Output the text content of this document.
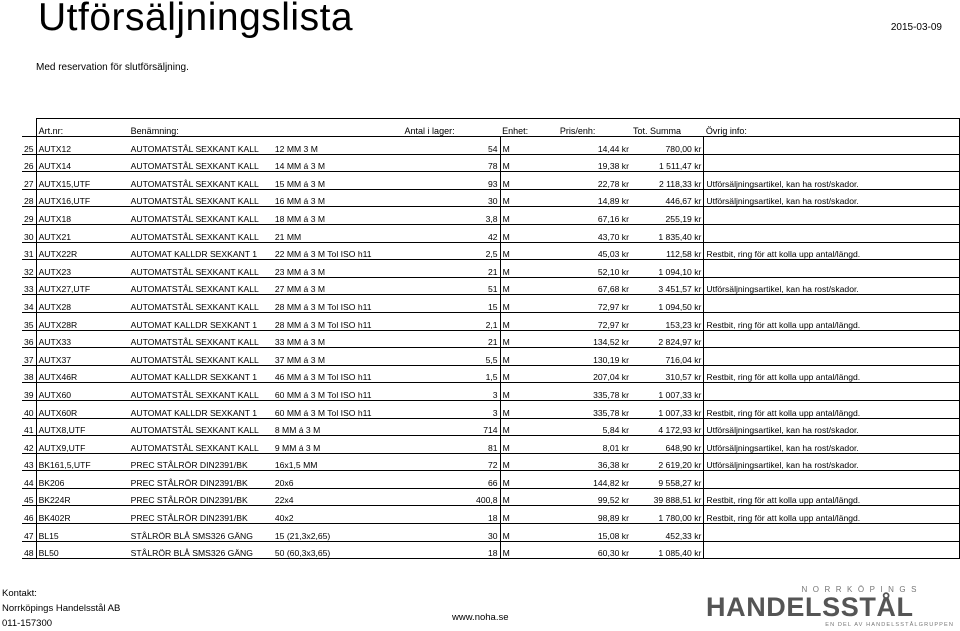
Utförsäljningslista	2015-03-09
Med reservation för slutförsäljning.
	Art.nr:	Benämning:		Antal i lager:		Enhet:	Pris/enh:	Tot. Summa	Övrig info:
25	AUTX12	AUTOMATSTÅL SEXKANT KALL	12 MM 3 M		54	M	14,44 kr	780,00 kr	
26	AUTX14	AUTOMATSTÅL SEXKANT KALL	14 MM á 3 M		78	M	19,38 kr	1 511,47 kr	
27	AUTX15,UTF	AUTOMATSTÅL SEXKANT KALL	15 MM á 3 M		93	M	22,78 kr	2 118,33 kr	Utförsäljningsartikel, kan ha rost/skador.
28	AUTX16,UTF	AUTOMATSTÅL SEXKANT KALL	16 MM á 3 M		30	M	14,89 kr	446,67 kr	Utförsäljningsartikel, kan ha rost/skador.
29	AUTX18	AUTOMATSTÅL SEXKANT KALL	18 MM á 3 M		3,8	M	67,16 kr	255,19 kr	
30	AUTX21	AUTOMATSTÅL SEXKANT KALL	21 MM		42	M	43,70 kr	1 835,40 kr	
31	AUTX22R	AUTOMAT KALLDR SEXKANT 1	22 MM á 3 M Tol ISO h11		2,5	M	45,03 kr	112,58 kr	Restbit, ring för att kolla upp antal/längd.
32	AUTX23	AUTOMATSTÅL SEXKANT KALL	23 MM á 3 M		21	M	52,10 kr	1 094,10 kr	
33	AUTX27,UTF	AUTOMATSTÅL SEXKANT KALL	27 MM á 3 M		51	M	67,68 kr	3 451,57 kr	Utförsäljningsartikel, kan ha rost/skador.
34	AUTX28	AUTOMATSTÅL SEXKANT KALL	28 MM á 3 M Tol ISO h11		15	M	72,97 kr	1 094,50 kr	
35	AUTX28R	AUTOMAT KALLDR SEXKANT 1	28 MM á 3 M Tol ISO h11		2,1	M	72,97 kr	153,23 kr	Restbit, ring för att kolla upp antal/längd.
36	AUTX33	AUTOMATSTÅL SEXKANT KALL	33 MM á 3 M		21	M	134,52 kr	2 824,97 kr	
37	AUTX37	AUTOMATSTÅL SEXKANT KALL	37 MM á 3 M		5,5	M	130,19 kr	716,04 kr	
38	AUTX46R	AUTOMAT KALLDR SEXKANT 1	46 MM á 3 M Tol ISO h11		1,5	M	207,04 kr	310,57 kr	Restbit, ring för att kolla upp antal/längd.
39	AUTX60	AUTOMATSTÅL SEXKANT KALL	60 MM á 3 M Tol ISO h11		3	M	335,78 kr	1 007,33 kr	
40	AUTX60R	AUTOMAT KALLDR SEXKANT 1	60 MM á 3 M Tol ISO h11		3	M	335,78 kr	1 007,33 kr	Restbit, ring för att kolla upp antal/längd.
41	AUTX8,UTF	AUTOMATSTÅL SEXKANT KALL	8 MM á 3 M		714	M	5,84 kr	4 172,93 kr	Utförsäljningsartikel, kan ha rost/skador.
42	AUTX9,UTF	AUTOMATSTÅL SEXKANT KALL	9 MM á 3 M		81	M	8,01 kr	648,90 kr	Utförsäljningsartikel, kan ha rost/skador.
43	BK161,5,UTF	PREC STÅLRÖR DIN2391/BK	16x1,5 MM		72	M	36,38 kr	2 619,20 kr	Utförsäljningsartikel, kan ha rost/skador.
44	BK206	PREC STÅLRÖR DIN2391/BK	20x6		66	M	144,82 kr	9 558,27 kr	
45	BK224R	PREC STÅLRÖR DIN2391/BK	22x4		400,8	M	99,52 kr	39 888,51 kr	Restbit, ring för att kolla upp antal/längd.
46	BK402R	PREC STÅLRÖR DIN2391/BK	40x2		18	M	98,89 kr	1 780,00 kr	Restbit, ring för att kolla upp antal/längd.
47	BL15	STÅLRÖR BLÅ SMS326 GÄNG	15 (21,3x2,65)		30	M	15,08 kr	452,33 kr	
48	BL50	STÅLRÖR BLÅ SMS326 GÄNG	50 (60,3x3,65)		18	M	60,30 kr	1 085,40 kr	
Kontakt:
Norrköpings Handelsstål AB
011-157300
www.noha.se
NORRKÖPINGS
HANDELSSTÅL
EN DEL AV HANDELSSTÅLGRUPPEN
